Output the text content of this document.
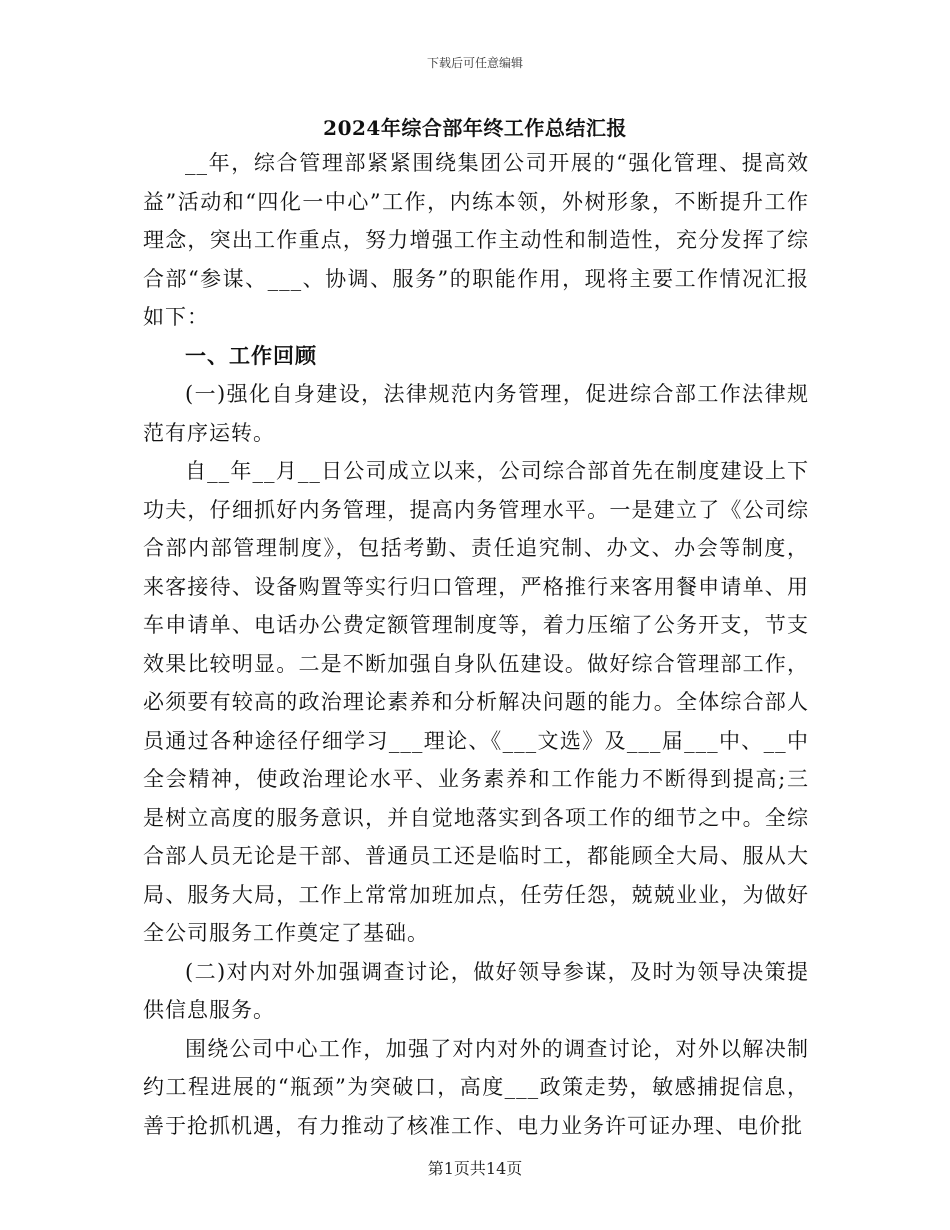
下载后可任意编辑
2024年综合部年终工作总结汇报

__年，综合管理部紧紧围绕集团公司开展的“强化管理、提高效益”活动和“四化一中心”工作，内练本领，外树形象，不断提升工作理念，突出工作重点，努力增强工作主动性和制造性，充分发挥了综合部“参谋、___、协调、服务”的职能作用，现将主要工作情况汇报如下：

一、工作回顾

(一)强化自身建设，法律规范内务管理，促进综合部工作法律规范有序运转。

自__年__月__日公司成立以来，公司综合部首先在制度建设上下功夫，仔细抓好内务管理，提高内务管理水平。一是建立了《公司综合部内部管理制度》，包括考勤、责任追究制、办文、办会等制度，来客接待、设备购置等实行归口管理，严格推行来客用餐申请单、用车申请单、电话办公费定额管理制度等，着力压缩了公务开支，节支效果比较明显。二是不断加强自身队伍建设。做好综合管理部工作，必须要有较高的政治理论素养和分析解决问题的能力。全体综合部人员通过各种途径仔细学习___理论、《___文选》及___届___中、__中全会精神，使政治理论水平、业务素养和工作能力不断得到提高;三是树立高度的服务意识，并自觉地落实到各项工作的细节之中。全综合部人员无论是干部、普通员工还是临时工，都能顾全大局、服从大局、服务大局，工作上常常加班加点，任劳任怨，兢兢业业，为做好全公司服务工作奠定了基础。

(二)对内对外加强调查讨论，做好领导参谋，及时为领导决策提供信息服务。

围绕公司中心工作，加强了对内对外的调查讨论，对外以解决制约工程进展的“瓶颈”为突破口，高度___政策走势，敏感捕捉信息，善于抢抓机遇，有力推动了核准工作、电力业务许可证办理、电价批

第1页共14页
